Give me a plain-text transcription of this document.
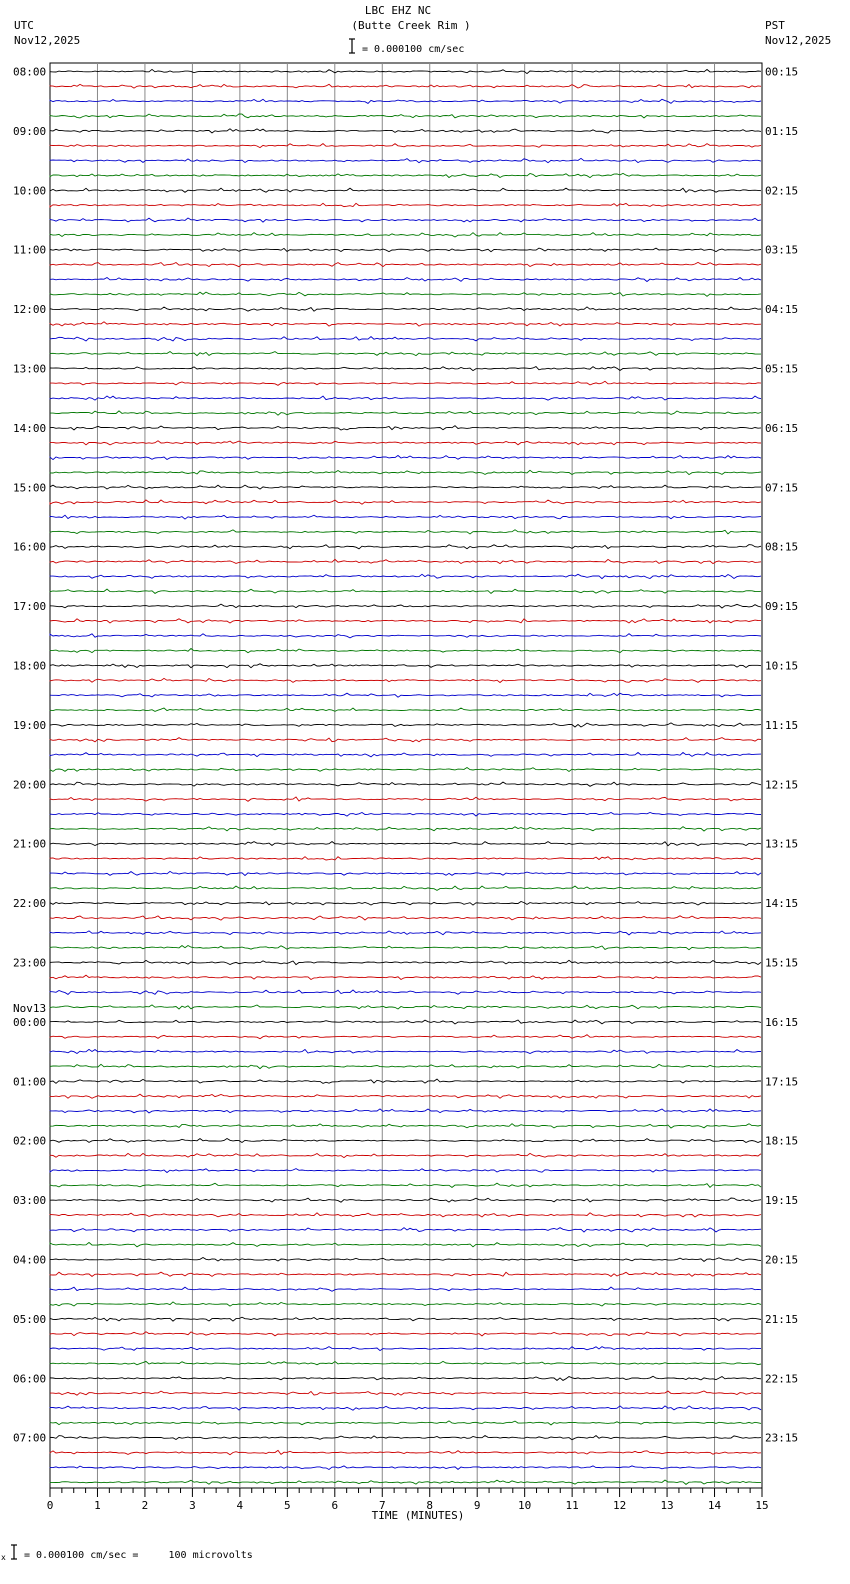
LBC EHZ NC
(Butte Creek Rim )
= 0.000100 cm/sec
UTC
Nov12,2025
PST
Nov12,2025
08:00
09:00
10:00
11:00
12:00
13:00
14:00
15:00
16:00
17:00
18:00
19:00
20:00
21:00
22:00
23:00
00:00
01:00
02:00
03:00
04:00
05:00
06:00
07:00
00:15
01:15
02:15
03:15
04:15
05:15
06:15
07:15
08:15
09:15
10:15
11:15
12:15
13:15
14:15
15:15
16:15
17:15
18:15
19:15
20:15
21:15
22:15
23:15
Nov13
0	1	2	3	4	5	6	7	8	9	10	11	12	13	14	15
TIME (MINUTES)
x = 0.000100 cm/sec =     100 microvolts
